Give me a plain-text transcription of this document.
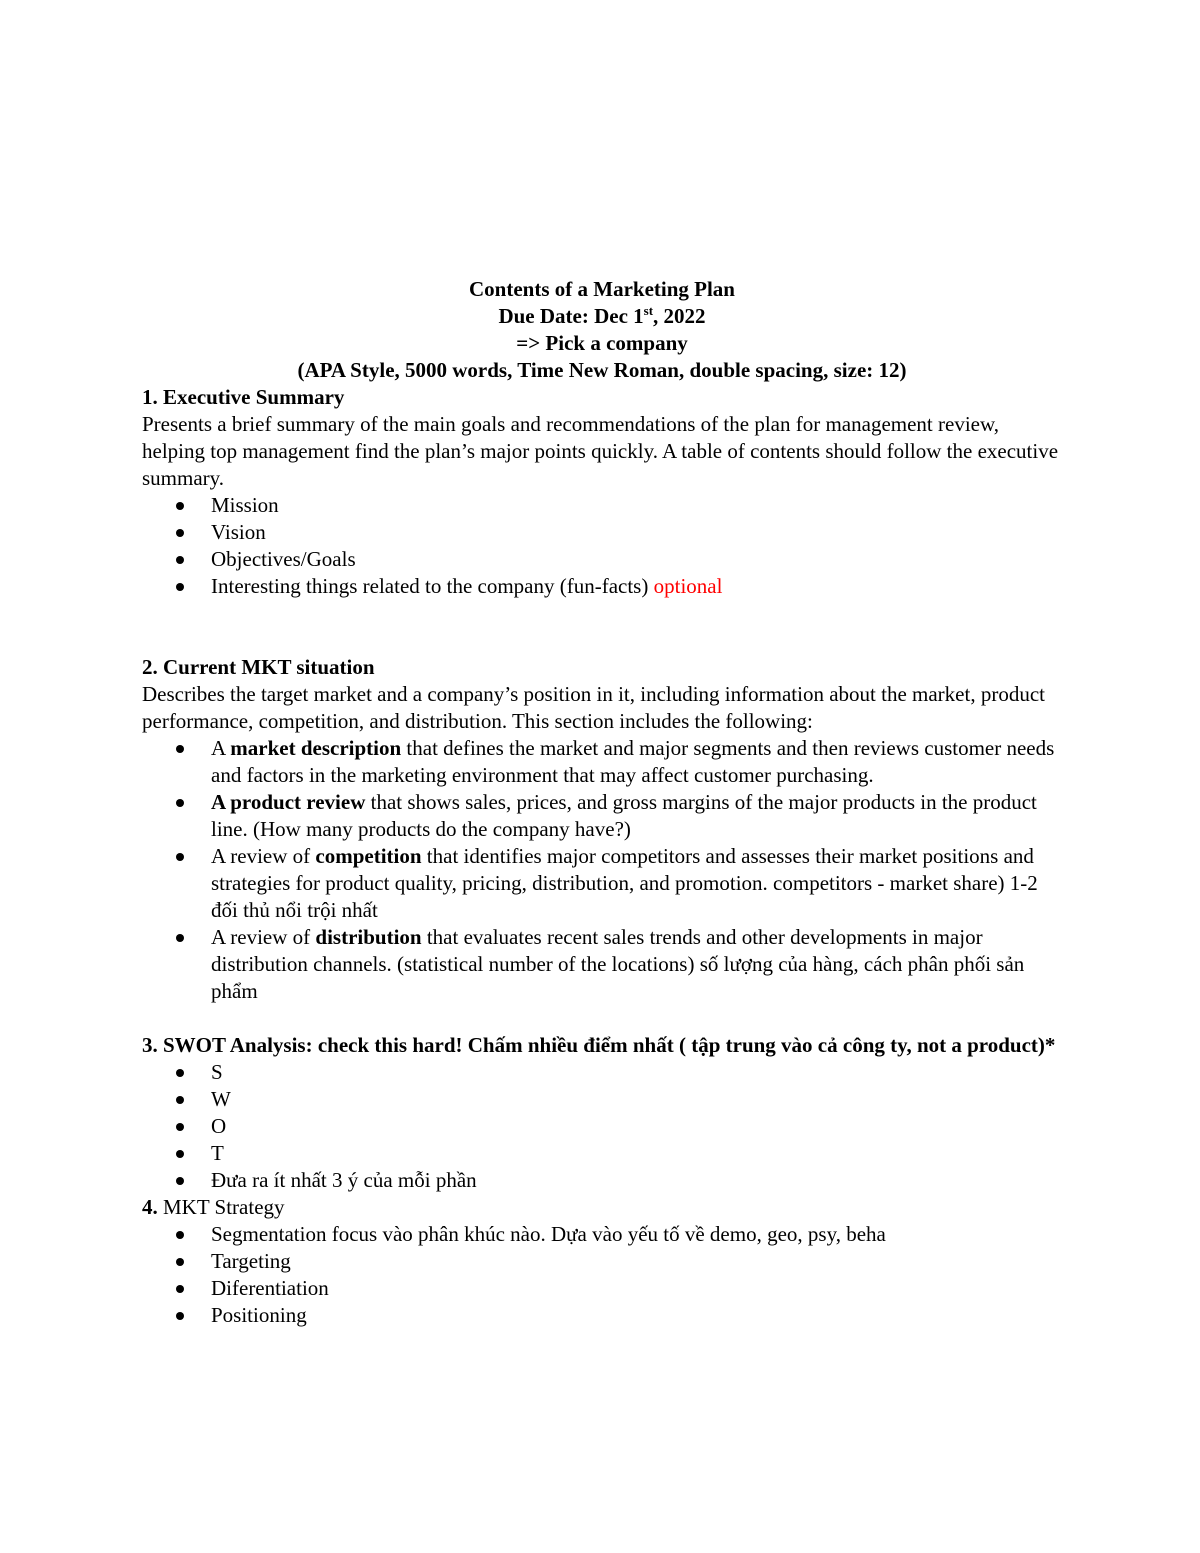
Contents of a Marketing Plan

Due Date: Dec 1st, 2022

=> Pick a company

(APA Style, 5000 words, Time New Roman, double spacing, size: 12)

1. Executive Summary

Presents a brief summary of the main goals and recommendations of the plan for management review, helping top management find the plan’s major points quickly. A table of contents should follow the executive summary.

Mission
Vision
Objectives/Goals
Interesting things related to the company (fun-facts) optional

2. Current MKT situation

Describes the target market and a company’s position in it, including information about the market, product performance, competition, and distribution. This section includes the following:

A market description that defines the market and major segments and then reviews customer needs and factors in the marketing environment that may affect customer purchasing.
A product review that shows sales, prices, and gross margins of the major products in the product line. (How many products do the company have?)
A review of competition that identifies major competitors and assesses their market positions and strategies for product quality, pricing, distribution, and promotion. competitors - market share) 1-2 đối thủ nổi trội nhất
A review of distribution that evaluates recent sales trends and other developments in major distribution channels. (statistical number of the locations) số lượng của hàng, cách phân phối sản phẩm

3. SWOT Analysis: check this hard! Chấm nhiều điểm nhất ( tập trung vào cả công ty, not a product)*

S
W
O
T
Đưa ra ít nhất 3 ý của mỗi phần

4. MKT Strategy

Segmentation focus vào phân khúc nào. Dựa vào yếu tố về demo, geo, psy, beha
Targeting
Diferentiation
Positioning
